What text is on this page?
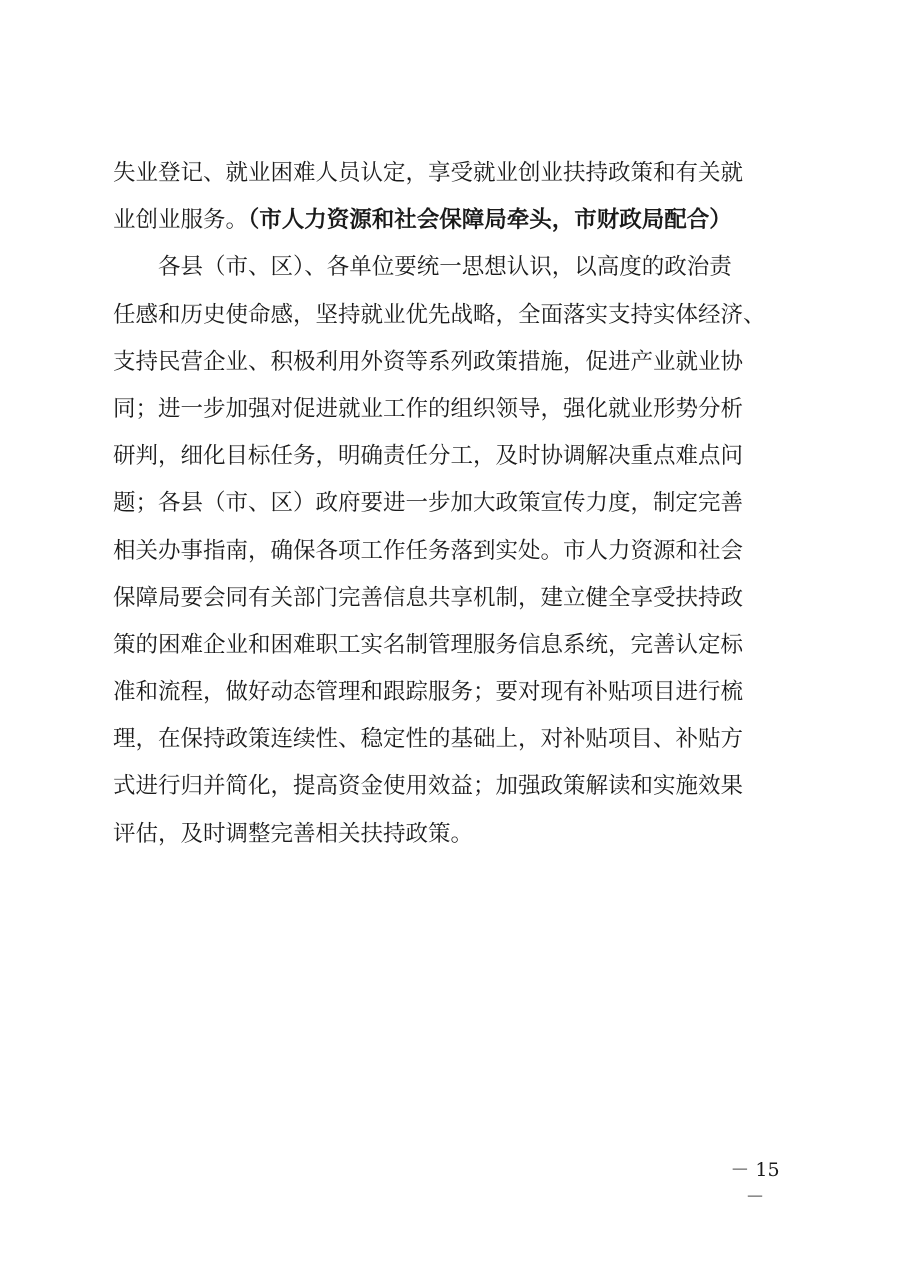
失业登记、就业困难人员认定，享受就业创业扶持政策和有关就
业创业服务。（市人力资源和社会保障局牵头，市财政局配合）
各县（市、区）、各单位要统一思想认识，以高度的政治责
任感和历史使命感，坚持就业优先战略，全面落实支持实体经济、
支持民营企业、积极利用外资等系列政策措施，促进产业就业协
同；进一步加强对促进就业工作的组织领导，强化就业形势分析
研判，细化目标任务，明确责任分工，及时协调解决重点难点问
题；各县（市、区）政府要进一步加大政策宣传力度，制定完善
相关办事指南，确保各项工作任务落到实处。市人力资源和社会
保障局要会同有关部门完善信息共享机制，建立健全享受扶持政
策的困难企业和困难职工实名制管理服务信息系统，完善认定标
准和流程，做好动态管理和跟踪服务；要对现有补贴项目进行梳
理，在保持政策连续性、稳定性的基础上，对补贴项目、补贴方
式进行归并简化，提高资金使用效益；加强政策解读和实施效果
评估，及时调整完善相关扶持政策。
－ 15 －
